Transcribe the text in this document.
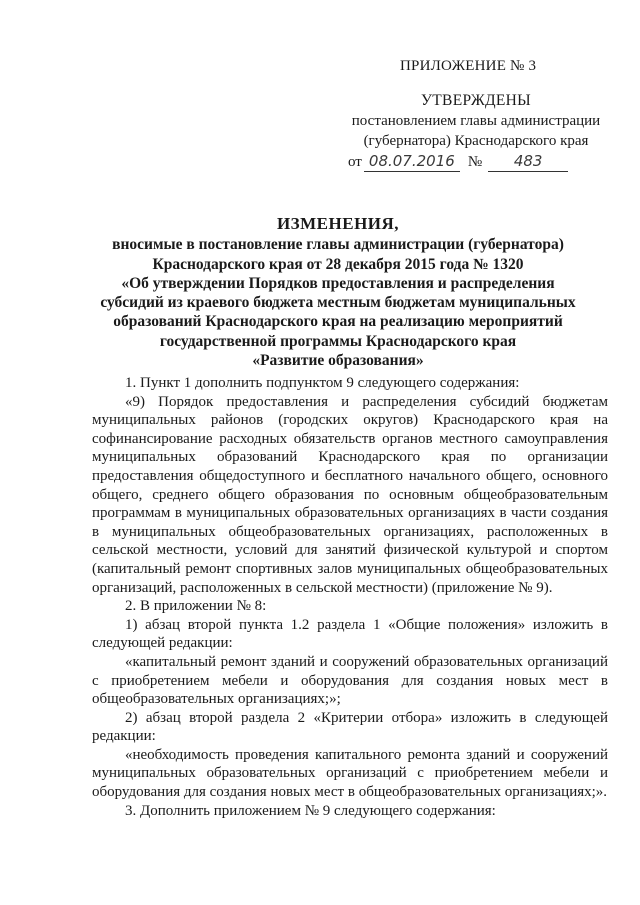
ПРИЛОЖЕНИЕ № 3
УТВЕРЖДЕНЫ
постановлением главы администрации
(губернатора) Краснодарского края
от 08.07.2016 № 483
ИЗМЕНЕНИЯ,
вносимые в постановление главы администрации (губернатора)
Краснодарского края от 28 декабря 2015 года № 1320
«Об утверждении Порядков предоставления и распределения
субсидий из краевого бюджета местным бюджетам муниципальных
образований Краснодарского края на реализацию мероприятий
государственной программы Краснодарского края
«Развитие образования»

1. Пункт 1 дополнить подпунктом 9 следующего содержания:

«9) Порядок предоставления и распределения субсидий бюджетам муниципальных районов (городских округов) Краснодарского края на софинансирование расходных обязательств органов местного самоуправления муниципальных образований Краснодарского края по организации предоставления общедоступного и бесплатного начального общего, основного общего, среднего общего образования по основным общеобразовательным программам в муниципальных образовательных организациях в части создания в муниципальных общеобразовательных организациях, расположенных в сельской местности, условий для занятий физической культурой и спортом (капитальный ремонт спортивных залов муниципальных общеобразовательных организаций, расположенных в сельской местности) (приложение № 9).

2. В приложении № 8:

1) абзац второй пункта 1.2 раздела 1 «Общие положения» изложить в следующей редакции:

«капитальный ремонт зданий и сооружений образовательных организаций с приобретением мебели и оборудования для создания новых мест в общеобразовательных организациях;»;

2) абзац второй раздела 2 «Критерии отбора» изложить в следующей редакции:

«необходимость проведения капитального ремонта зданий и сооружений муниципальных образовательных организаций с приобретением мебели и оборудования для создания новых мест в общеобразовательных организациях;».

3. Дополнить приложением № 9 следующего содержания:
